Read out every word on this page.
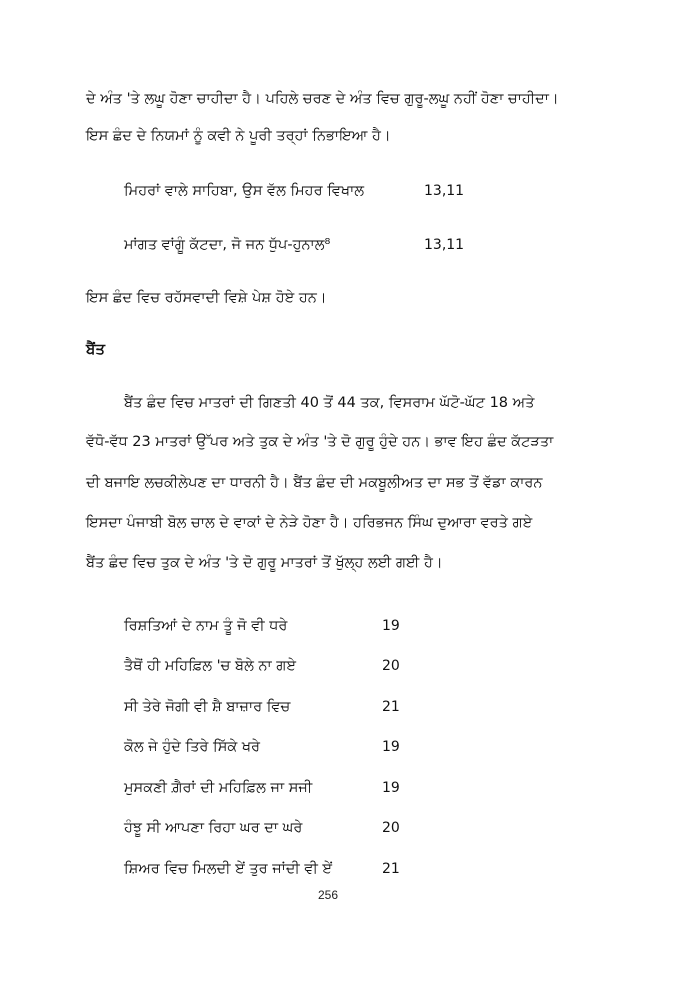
ਦੇ ਅੰਤ 'ਤੇ ਲਘੂ ਹੋਣਾ ਚਾਹੀਦਾ ਹੈ। ਪਹਿਲੇ ਚਰਣ ਦੇ ਅੰਤ ਵਿਚ ਗੁਰੂ-ਲਘੂ ਨਹੀਂ ਹੋਣਾ ਚਾਹੀਦਾ।
ਇਸ ਛੰਦ ਦੇ ਨਿਯਮਾਂ ਨੂੰ ਕਵੀ ਨੇ ਪੂਰੀ ਤਰ੍ਹਾਂ ਨਿਭਾਇਆ ਹੈ।
ਮਿਹਰਾਂ ਵਾਲੇ ਸਾਹਿਬਾ, ਉਸ ਵੱਲ ਮਿਹਰ ਵਿਖਾਲ	13,11
ਮਾਂਗਤ ਵਾਂਗੂੰ ਕੱਟਦਾ, ਜੋ ਜਨ ਧੁੱਪ-ਹੁਨਾਲ⁸	13,11
ਇਸ ਛੰਦ ਵਿਚ ਰਹੱਸਵਾਦੀ ਵਿਸ਼ੇ ਪੇਸ਼ ਹੋਏ ਹਨ।
ਬੈਂਤ
ਬੈਂਤ ਛੰਦ ਵਿਚ ਮਾਤਰਾਂ ਦੀ ਗਿਣਤੀ 40 ਤੋਂ 44 ਤਕ, ਵਿਸਰਾਮ ਘੱਟੋ-ਘੱਟ 18 ਅਤੇ
ਵੱਧੋ-ਵੱਧ 23 ਮਾਤਰਾਂ ਉੱਪਰ ਅਤੇ ਤੁਕ ਦੇ ਅੰਤ 'ਤੇ ਦੋ ਗੁਰੂ ਹੁੰਦੇ ਹਨ। ਭਾਵ ਇਹ ਛੰਦ ਕੱਟੜਤਾ
ਦੀ ਬਜਾਇ ਲਚਕੀਲੇਪਣ ਦਾ ਧਾਰਨੀ ਹੈ। ਬੈਂਤ ਛੰਦ ਦੀ ਮਕਬੂਲੀਅਤ ਦਾ ਸਭ ਤੋਂ ਵੱਡਾ ਕਾਰਨ
ਇਸਦਾ ਪੰਜਾਬੀ ਬੋਲ ਚਾਲ ਦੇ ਵਾਕਾਂ ਦੇ ਨੇੜੇ ਹੋਣਾ ਹੈ। ਹਰਿਭਜਨ ਸਿੰਘ ਦੁਆਰਾ ਵਰਤੇ ਗਏ
ਬੈਂਤ ਛੰਦ ਵਿਚ ਤੁਕ ਦੇ ਅੰਤ 'ਤੇ ਦੋ ਗੁਰੂ ਮਾਤਰਾਂ ਤੋਂ ਖੁੱਲ੍ਹ ਲਈ ਗਈ ਹੈ।
ਰਿਸ਼ਤਿਆਂ ਦੇ ਨਾਮ ਤੂੰ ਜੋ ਵੀ ਧਰੇ	19
ਤੈਥੋਂ ਹੀ ਮਹਿਫ਼ਿਲ 'ਚ ਬੋਲੇ ਨਾ ਗਏ	20
ਸੀ ਤੇਰੇ ਜੋਗੀ ਵੀ ਸ਼ੈ ਬਾਜ਼ਾਰ ਵਿਚ	21
ਕੋਲ ਜੇ ਹੁੰਦੇ ਤਿਰੇ ਸਿੱਕੇ ਖਰੇ	19
ਮੁਸਕਣੀ ਗ਼ੈਰਾਂ ਦੀ ਮਹਿਫ਼ਿਲ ਜਾ ਸਜੀ	19
ਹੰਝੂ ਸੀ ਆਪਣਾ ਰਿਹਾ ਘਰ ਦਾ ਘਰੇ	20
ਸ਼ਿਅਰ ਵਿਚ ਮਿਲਦੀ ਏਂ ਤੁਰ ਜਾਂਦੀ ਵੀ ਏਂ	21
256
